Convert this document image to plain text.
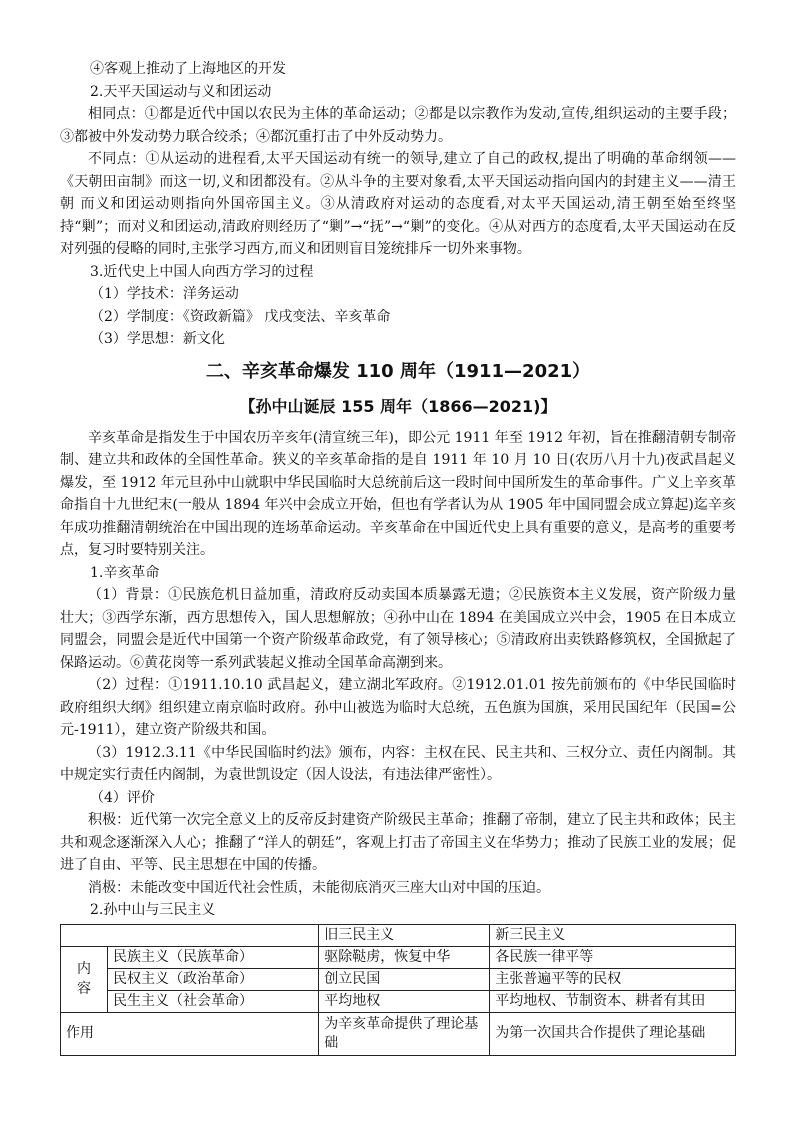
④客观上推动了上海地区的开发

2.天平天国运动与义和团运动

相同点：①都是近代中国以农民为主体的革命运动；②都是以宗教作为发动,宣传,组织运动的主要手段；③都被中外发动势力联合绞杀；④都沉重打击了中外反动势力。

不同点：①从运动的进程看,太平天国运动有统一的领导,建立了自己的政权,提出了明确的革命纲领——《天朝田亩制》而这一切,义和团都没有。②从斗争的主要对象看,太平天国运动指向国内的封建主义——清王朝 而义和团运动则指向外国帝国主义。③从清政府对运动的态度看,对太平天国运动,清王朝至始至终坚持“剿”；而对义和团运动,清政府则经历了“剿”→“抚”→“剿”的变化。④从对西方的态度看,太平天国运动在反对列强的侵略的同时,主张学习西方,而义和团则盲目笼统排斥一切外来事物。

3.近代史上中国人向西方学习的过程

（1）学技术：洋务运动

（2）学制度：《资政新篇》 戊戌变法、辛亥革命

（3）学思想：新文化

二、辛亥革命爆发 110 周年（1911—2021）
【孙中山诞辰 155 周年（1866—2021)】

辛亥革命是指发生于中国农历辛亥年(清宣统三年)，即公元 1911 年至 1912 年初，旨在推翻清朝专制帝制、建立共和政体的全国性革命。狭义的辛亥革命指的是自 1911 年 10 月 10 日(农历八月十九)夜武昌起义爆发，至 1912 年元旦孙中山就职中华民国临时大总统前后这一段时间中国所发生的革命事件。广义上辛亥革命指自十九世纪末(一般从 1894 年兴中会成立开始，但也有学者认为从 1905 年中国同盟会成立算起)迄辛亥年成功推翻清朝统治在中国出现的连场革命运动。辛亥革命在中国近代史上具有重要的意义，是高考的重要考点，复习时要特别关注。

1.辛亥革命

（1）背景：①民族危机日益加重，清政府反动卖国本质暴露无遗；②民族资本主义发展，资产阶级力量壮大；③西学东渐，西方思想传入，国人思想解放；④孙中山在 1894 在美国成立兴中会，1905 在日本成立同盟会，同盟会是近代中国第一个资产阶级革命政党，有了领导核心；⑤清政府出卖铁路修筑权，全国掀起了保路运动。⑥黄花岗等一系列武装起义推动全国革命高潮到来。

（2）过程：①1911.10.10 武昌起义，建立湖北军政府。②1912.01.01 按先前颁布的《中华民国临时政府组织大纲》组织建立南京临时政府。孙中山被选为临时大总统，五色旗为国旗，采用民国纪年（民国=公元-1911），建立资产阶级共和国。

（3）1912.3.11《中华民国临时约法》颁布，内容：主权在民、民主共和、三权分立、责任内阁制。其中规定实行责任内阁制，为袁世凯设定（因人设法，有违法律严密性）。

（4）评价

积极：近代第一次完全意义上的反帝反封建资产阶级民主革命；推翻了帝制，建立了民主共和政体；民主共和观念逐渐深入人心；推翻了“洋人的朝廷”，客观上打击了帝国主义在华势力；推动了民族工业的发展；促进了自由、平等、民主思想在中国的传播。

消极：未能改变中国近代社会性质，未能彻底消灭三座大山对中国的压迫。

2.孙中山与三民主义

		旧三民主义	新三民主义
内容	民族主义（民族革命）	驱除鞑虏，恢复中华	各民族一律平等
	民权主义（政治革命）	创立民国	主张普遍平等的民权
	民生主义（社会革命）	平均地权	平均地权、节制资本、耕者有其田
作用		为辛亥革命提供了理论基础	为第一次国共合作提供了理论基础
